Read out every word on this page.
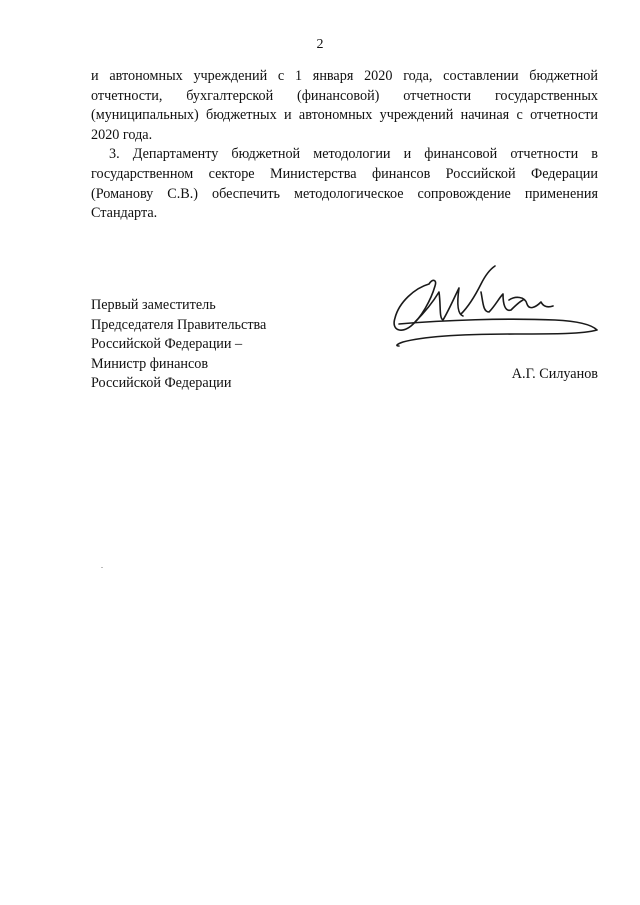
2

и автономных учреждений с 1 января 2020 года, составлении бюджетной отчетности, бухгалтерской (финансовой) отчетности государственных (муниципальных) бюджетных и автономных учреждений начиная с отчетности 2020 года.

3. Департаменту бюджетной методологии и финансовой отчетности в государственном секторе Министерства финансов Российской Федерации (Романову С.В.) обеспечить методологическое сопровождение применения Стандарта.

Первый заместитель
Председателя Правительства
Российской Федерации –
Министр финансов
Российской Федерации
А.Г. Силуанов
